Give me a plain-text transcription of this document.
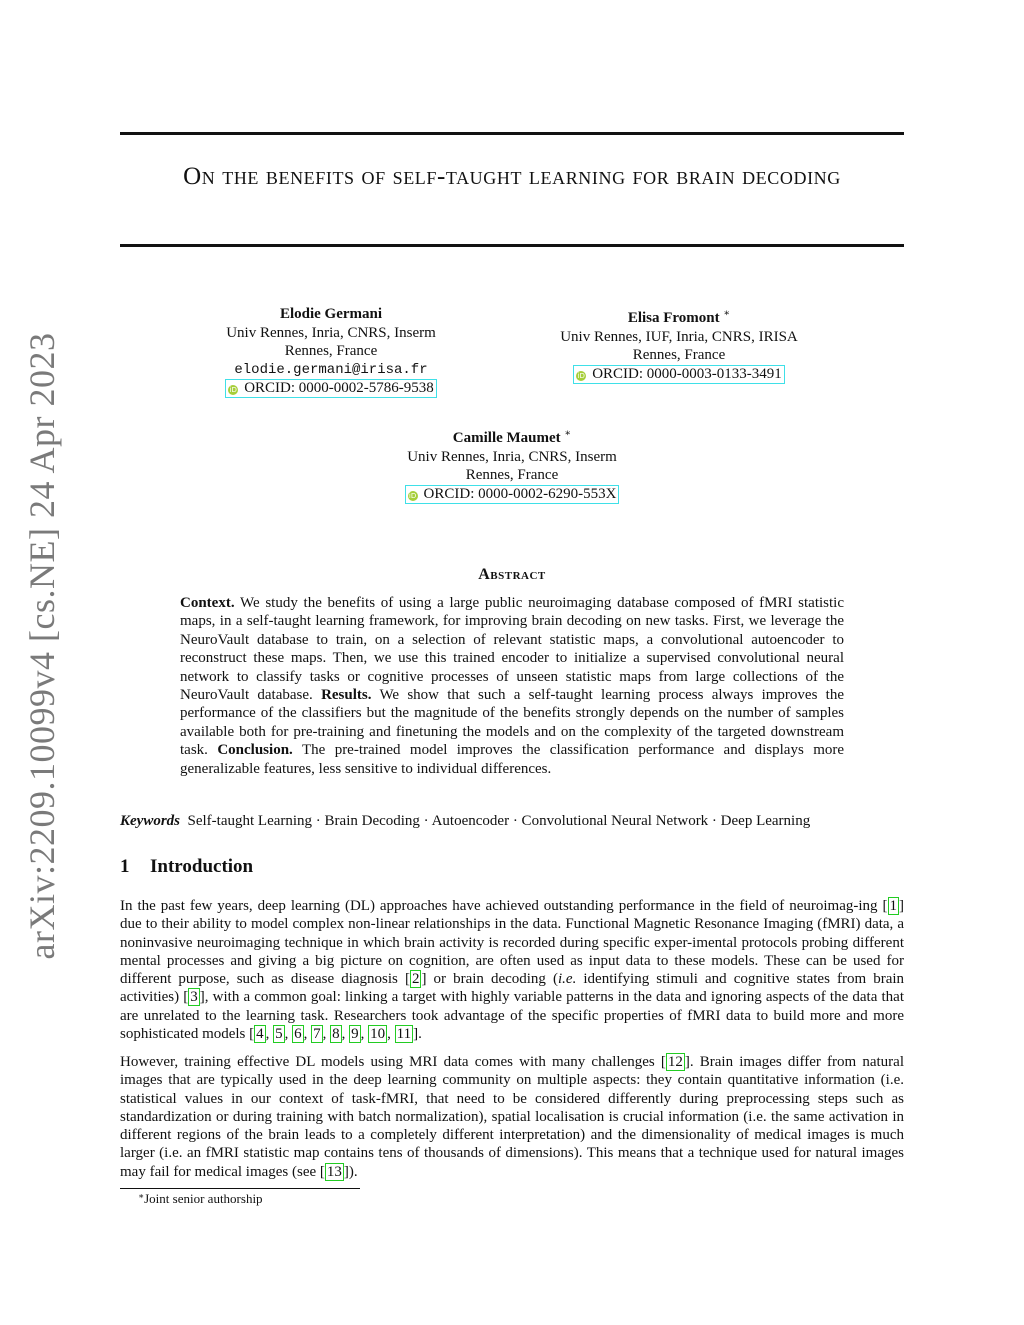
arXiv:2209.10099v4 [cs.NE] 24 Apr 2023
On the benefits of self-taught learning for brain decoding
Elodie Germani
Univ Rennes, Inria, CNRS, Inserm
Rennes, France
elodie.germani@irisa.fr
iD ORCID: 0000-0002-5786-9538
Elisa Fromont ∗
Univ Rennes, IUF, Inria, CNRS, IRISA
Rennes, France
iD ORCID: 0000-0003-0133-3491
Camille Maumet ∗
Univ Rennes, Inria, CNRS, Inserm
Rennes, France
iD ORCID: 0000-0002-6290-553X
Abstract
Context. We study the benefits of using a large public neuroimaging database composed of fMRI statistic maps, in a self-taught learning framework, for improving brain decoding on new tasks. First, we leverage the NeuroVault database to train, on a selection of relevant statistic maps, a convolutional autoencoder to reconstruct these maps. Then, we use this trained encoder to initialize a supervised convolutional neural network to classify tasks or cognitive processes of unseen statistic maps from large collections of the NeuroVault database. Results. We show that such a self-taught learning process always improves the performance of the classifiers but the magnitude of the benefits strongly depends on the number of samples available both for pre-training and finetuning the models and on the complexity of the targeted downstream task. Conclusion. The pre-trained model improves the classification performance and displays more generalizable features, less sensitive to individual differences.
Keywords Self-taught Learning · Brain Decoding · Autoencoder · Convolutional Neural Network · Deep Learning
1 Introduction

In the past few years, deep learning (DL) approaches have achieved outstanding performance in the field of neuroimag-ing [ 1 ] due to their ability to model complex non-linear relationships in the data. Functional Magnetic Resonance Imaging (fMRI) data, a noninvasive neuroimaging technique in which brain activity is recorded during specific exper-imental protocols probing different mental processes and giving a big picture on cognition, are often used as input data to these models. These can be used for different purpose, such as disease diagnosis [ 2 ] or brain decoding (i.e. identifying stimuli and cognitive states from brain activities) [ 3 ], with a common goal: linking a target with highly variable patterns in the data and ignoring aspects of the data that are unrelated to the learning task. Researchers took advantage of the specific properties of fMRI data to build more and more sophisticated models [ 4 , 5 , 6 , 7 , 8 , 9 , 10 , 11 ].

However, training effective DL models using MRI data comes with many challenges [ 12 ]. Brain images differ from natural images that are typically used in the deep learning community on multiple aspects: they contain quantitative information (i.e. statistical values in our context of task-fMRI, that need to be considered differently during preprocessing steps such as standardization or during training with batch normalization), spatial localisation is crucial information (i.e. the same activation in different regions of the brain leads to a completely different interpretation) and the dimensionality of medical images is much larger (i.e. an fMRI statistic map contains tens of thousands of dimensions). This means that a technique used for natural images may fail for medical images (see [ 13 ]).

∗Joint senior authorship
